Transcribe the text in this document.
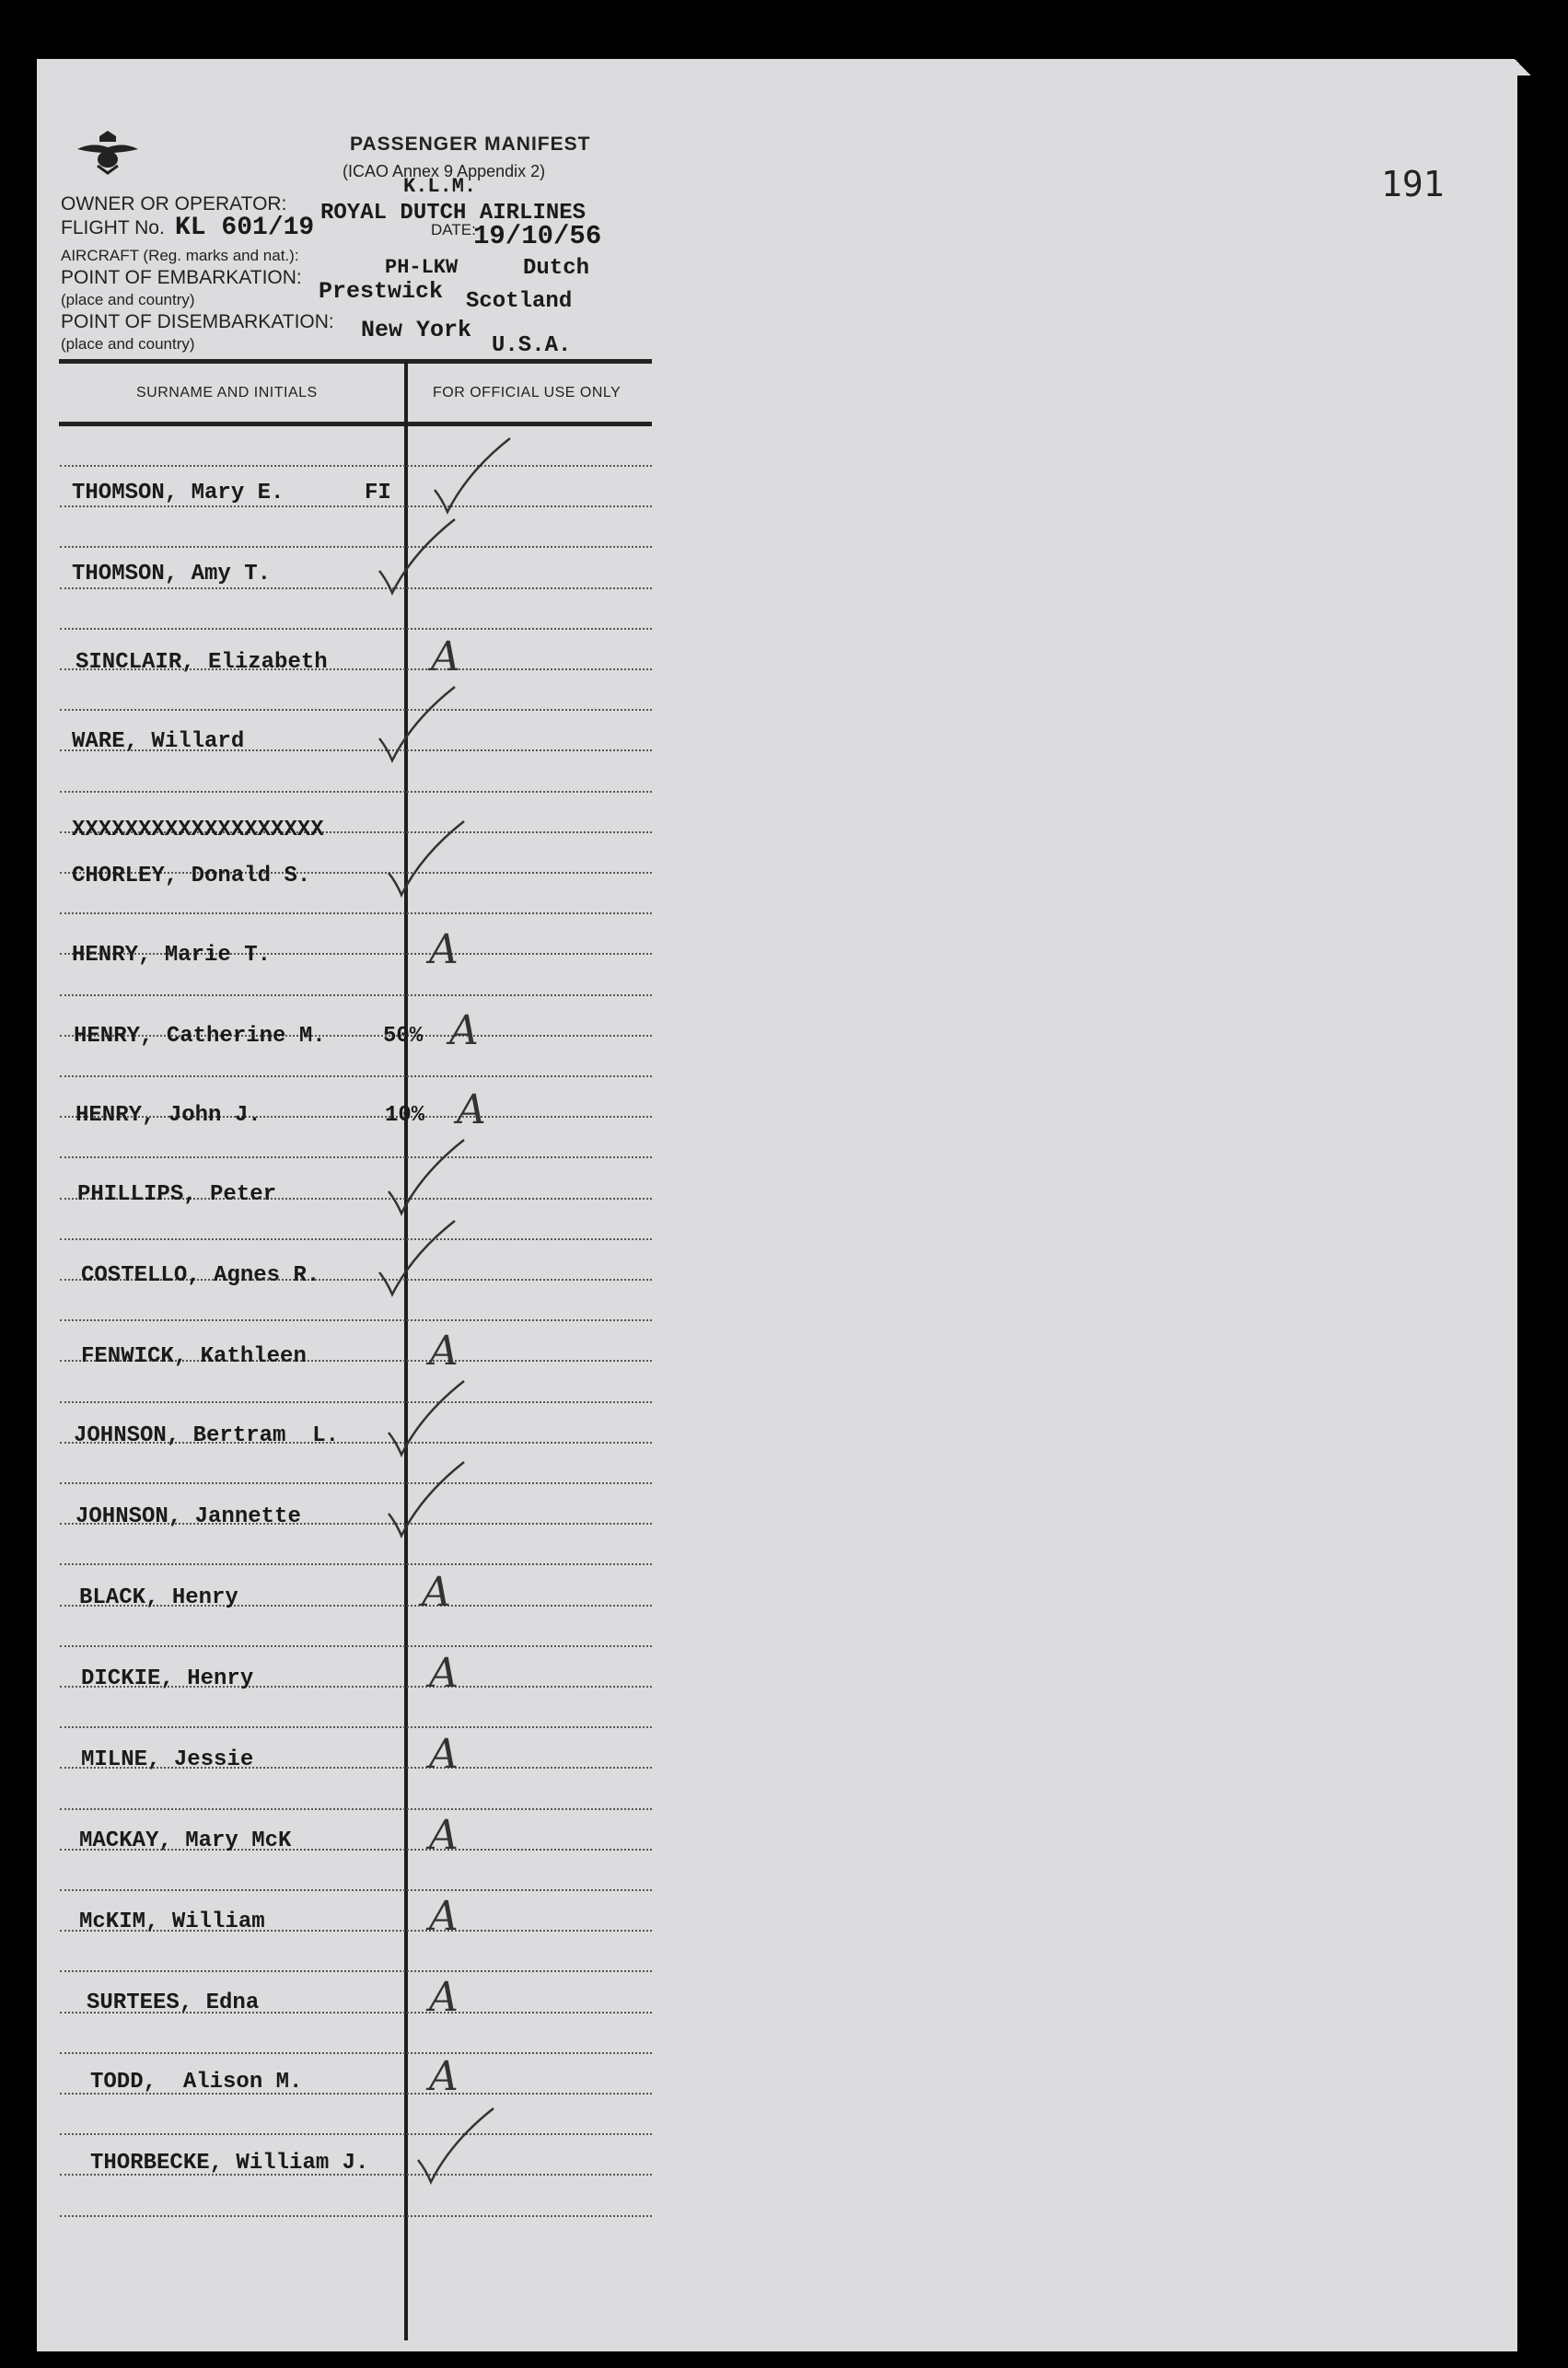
191
PASSENGER MANIFEST
(ICAO Annex 9 Appendix 2)
OWNER OR OPERATOR:
K.L.M.
ROYAL DUTCH AIRLINES
FLIGHT No. KL 601/19	DATE:
19/10/56
AIRCRAFT (Reg. marks and nat.):
PH-LKW	Dutch
POINT OF EMBARKATION:
(place and country)	Prestwick Scotland
POINT OF DISEMBARKATION:
(place and country)
New York
U.S.A.
SURNAME AND INITIALS	FOR OFFICIAL USE ONLY
XXXXXXXXXXXXXXXXXXX
THOMSON, Mary E.	FI
THOMSON, Amy T.
SINCLAIR, Elizabeth	A
WARE, Willard
CHORLEY, Donald S.
HENRY, Marie T.	A
HENRY, Catherine M.	50% A
HENRY, John J.	10% A
PHILLIPS, Peter
COSTELLO, Agnes R.
FENWICK, Kathleen	A
JOHNSON, Bertram  L.
JOHNSON, Jannette
BLACK, Henry	A
DICKIE, Henry	A
MILNE, Jessie	A
MACKAY, Mary McK	A
McKIM, William	A
SURTEES, Edna	A
TODD,  Alison M.	A
THORBECKE, William J.
